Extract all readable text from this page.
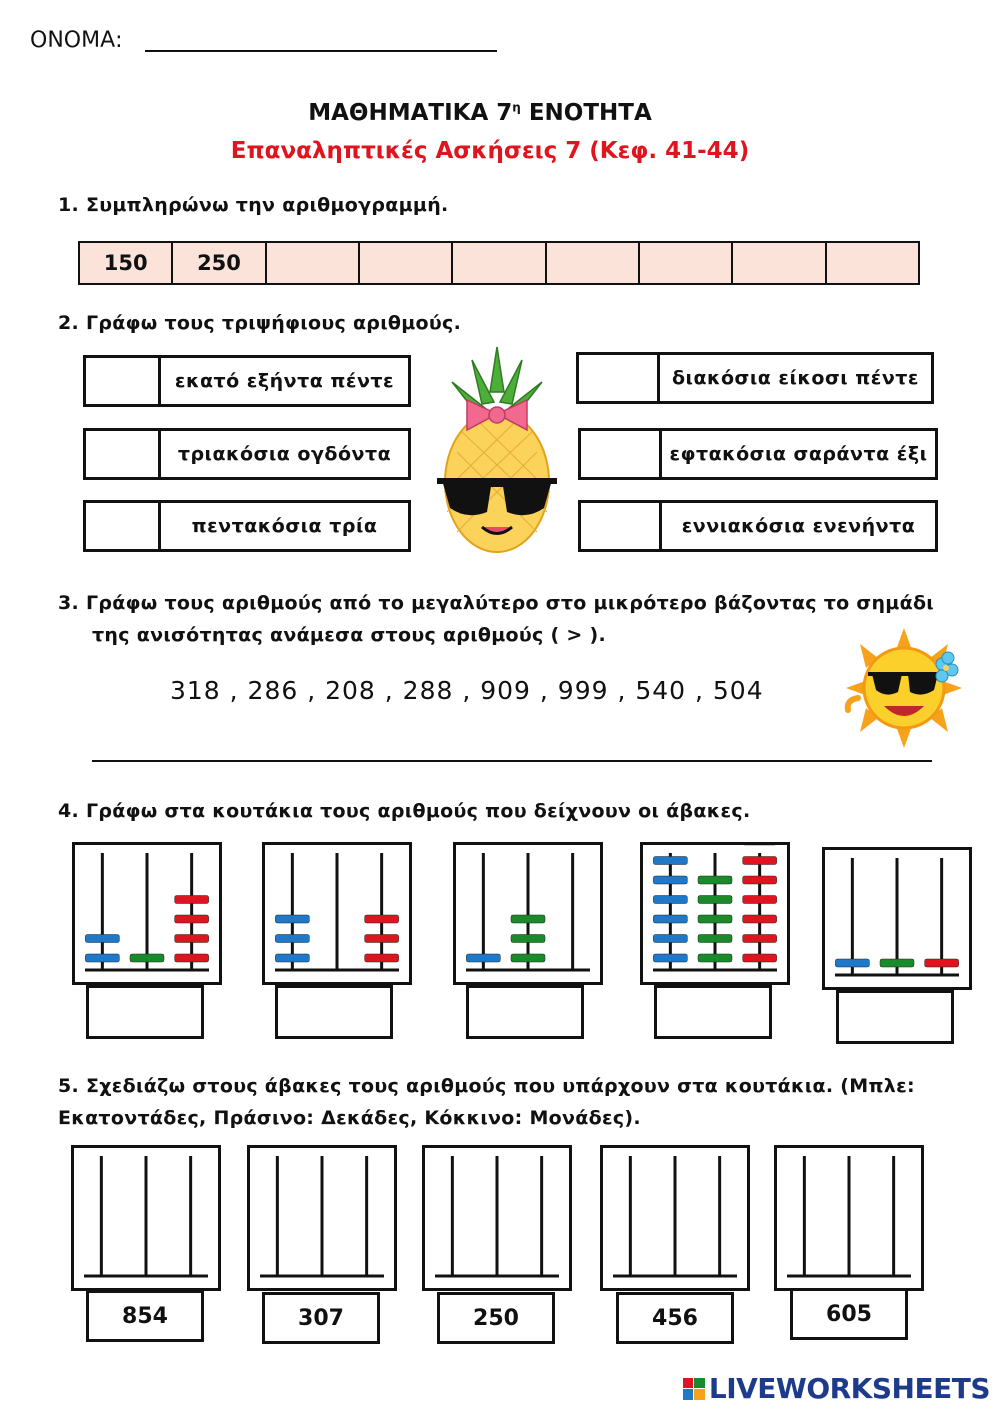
ΟΝΟΜΑ:
ΜΑΘΗΜΑΤΙΚΑ $7^\eta$ ΕΝΟΤΗΤΑ
Επαναληπτικές Ασκήσεις 7 (Κεφ. 41-44)
1. Συμπληρώνω την αριθμογραμμή.
150	250
2. Γράφω τους τριψήφιους αριθμούς.
εκατό εξήντα πέντε
τριακόσια ογδόντα
πεντακόσια τρία
διακόσια είκοσι πέντε
εφτακόσια σαράντα έξι
εννιακόσια ενενήντα
3. Γράφω τους αριθμούς από το μεγαλύτερο στο μικρότερο βάζοντας το σημάδι
της ανισότητας ανάμεσα στους αριθμούς ( > ).
318 , 286 , 208 , 288 , 909 , 999 , 540 , 504
4. Γράφω στα κουτάκια τους αριθμούς που δείχνουν οι άβακες.
5. Σχεδιάζω στους άβακες τους αριθμούς που υπάρχουν στα κουτάκια. (Μπλε:
Εκατοντάδες, Πράσινο: Δεκάδες, Κόκκινο: Μονάδες).
854	307	250	456	605
LIVEWORKSHEETS
